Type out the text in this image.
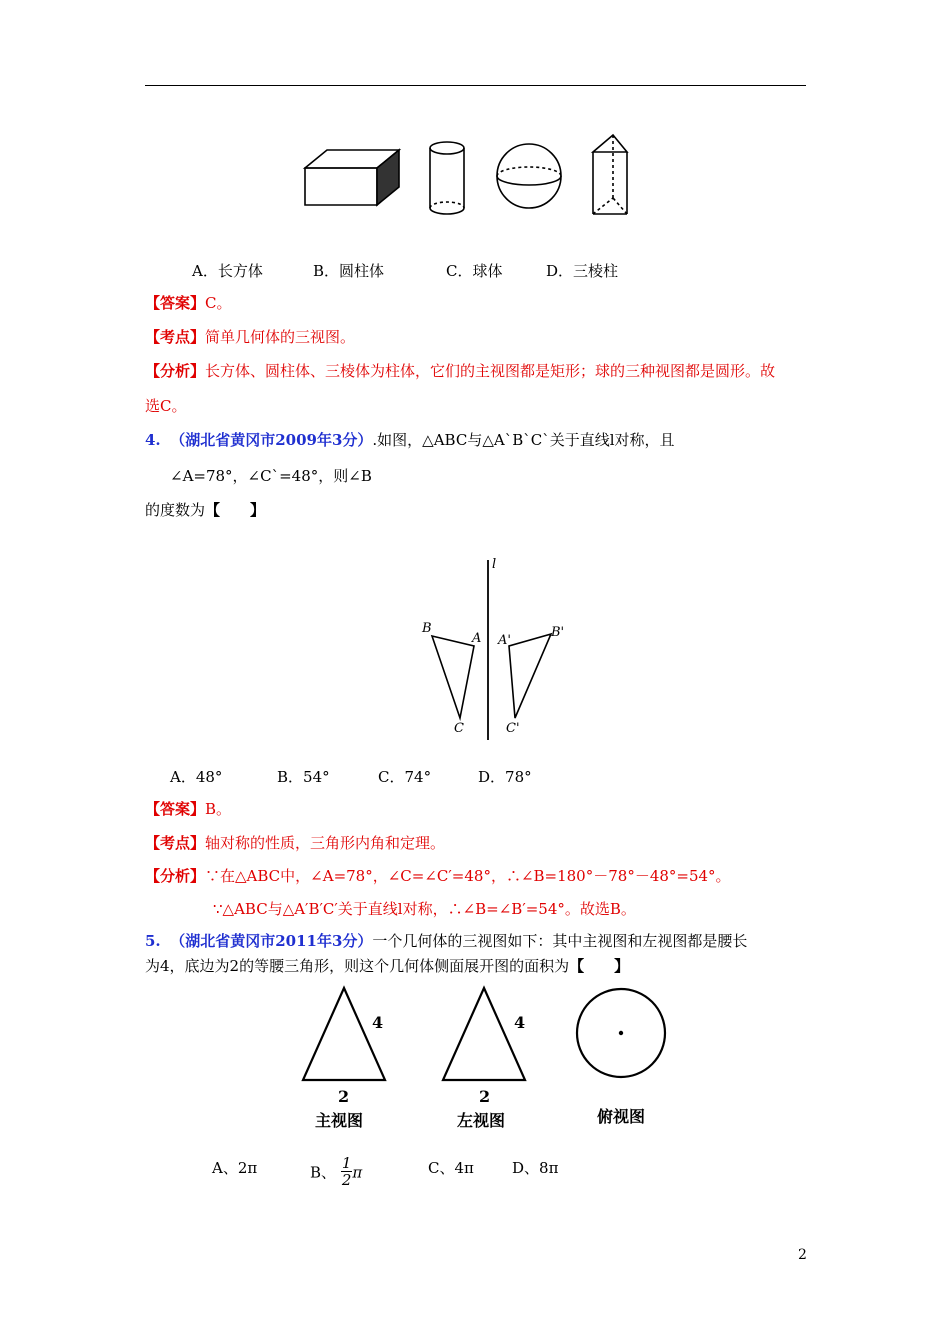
A．长方体	B．圆柱体	C．球体	D．三棱柱
【答案】C。
【考点】简单几何体的三视图。
【分析】长方体、圆柱体、三棱体为柱体，它们的主视图都是矩形；球的三种视图都是圆形。故
选C。
4. （湖北省黄冈市2009年3分）.如图，△ABC与△A`B`C`关于直线l对称，且
∠A=78°，∠C`=48°，则∠B
的度数为【　　】
l
B
A
C
A'
B'
C'
A．48°	B．54°	C．74°	D．78°
【答案】B。
【考点】轴对称的性质，三角形内角和定理。
【分析】∵在△ABC中，∠A=78°，∠C=∠C′=48°，∴∠B=180°－78°－48°=54°。
∵△ABC与△A′B′C′关于直线l对称，∴∠B=∠B′=54°。故选B。
5. （湖北省黄冈市2011年3分）一个几何体的三视图如下：其中主视图和左视图都是腰长
为4，底边为2的等腰三角形，则这个几何体侧面展开图的面积为【　　】
4
2
主视图
4
2
左视图	俯视图
A、2π	B、 $\frac{1}{2}$ π	C、4π	D、8π
2
